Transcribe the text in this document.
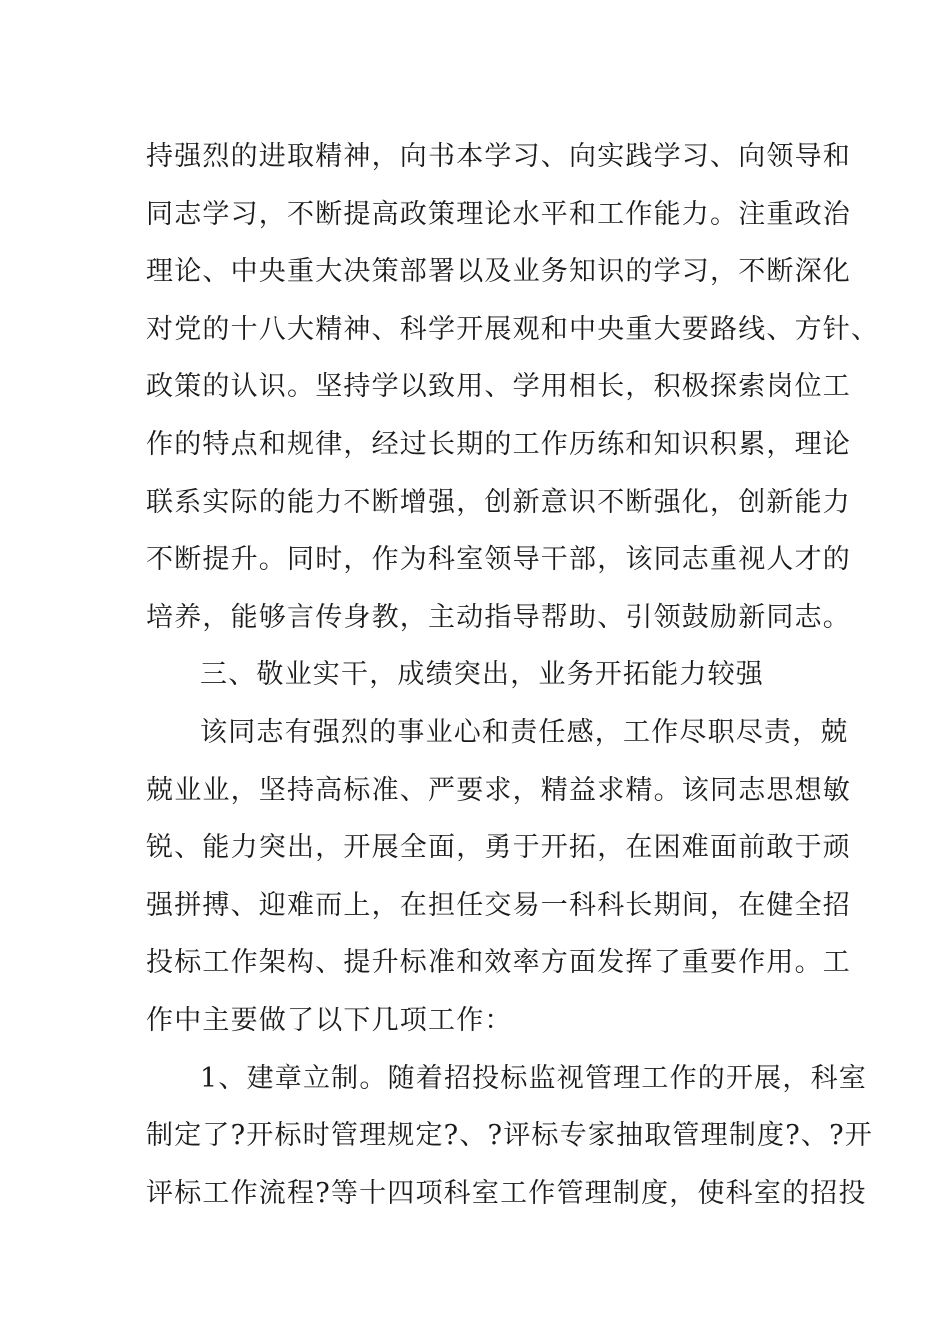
持强烈的进取精神，向书本学习、向实践学习、向领导和
同志学习，不断提高政策理论水平和工作能力。注重政治
理论、中央重大决策部署以及业务知识的学习，不断深化
对党的十八大精神、科学开展观和中央重大要路线、方针、
政策的认识。坚持学以致用、学用相长，积极探索岗位工
作的特点和规律，经过长期的工作历练和知识积累，理论
联系实际的能力不断增强，创新意识不断强化，创新能力
不断提升。同时，作为科室领导干部，该同志重视人才的
培养，能够言传身教，主动指导帮助、引领鼓励新同志。
三、敬业实干，成绩突出，业务开拓能力较强
该同志有强烈的事业心和责任感，工作尽职尽责，兢
兢业业，坚持高标准、严要求，精益求精。该同志思想敏
锐、能力突出，开展全面，勇于开拓，在困难面前敢于顽
强拼搏、迎难而上，在担任交易一科科长期间，在健全招
投标工作架构、提升标准和效率方面发挥了重要作用。工
作中主要做了以下几项工作：
1、建章立制。随着招投标监视管理工作的开展，科室
制定了?开标时管理规定?、?评标专家抽取管理制度?、?开
评标工作流程?等十四项科室工作管理制度，使科室的招投
